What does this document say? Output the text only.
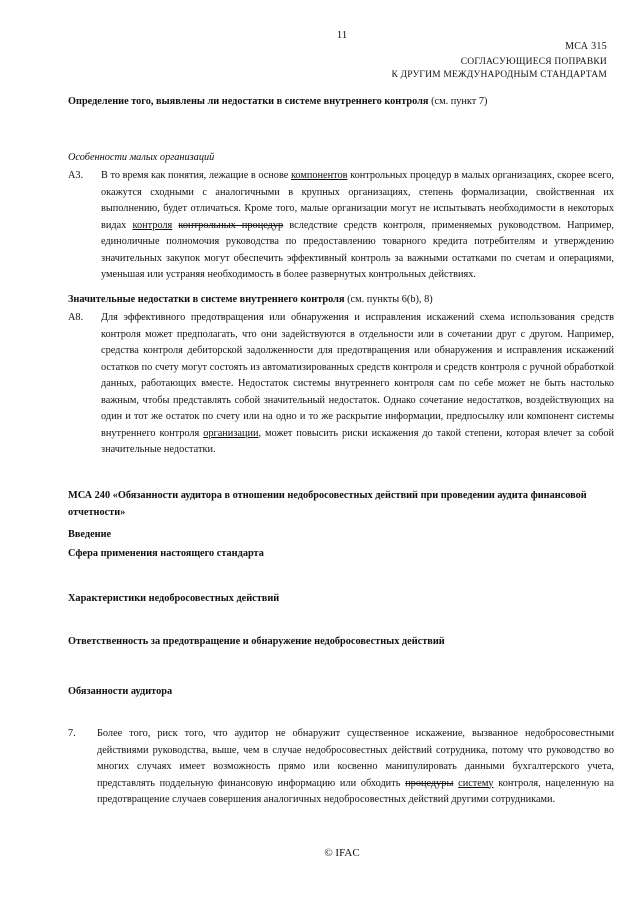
11
МСА 315
СОГЛАСУЮЩИЕСЯ ПОПРАВКИ
К ДРУГИМ МЕЖДУНАРОДНЫМ СТАНДАРТАМ
Определение того, выявлены ли недостатки в системе внутреннего контроля (см. пункт 7)
Особенности малых организаций
А3. В то время как понятия, лежащие в основе компонентов контрольных процедур в малых организациях, скорее всего, окажутся сходными с аналогичными в крупных организациях, степень формализации, свойственная их выполнению, будет отличаться. Кроме того, малые организации могут не испытывать необходимости в некоторых видах контроля контрольных процедур вследствие средств контроля, применяемых руководством. Например, единоличные полномочия руководства по предоставлению товарного кредита потребителям и утверждению значительных закупок могут обеспечить эффективный контроль за важными остатками по счетам и операциями, уменьшая или устраняя необходимость в более развернутых контрольных действиях.
Значительные недостатки в системе внутреннего контроля (см. пункты 6(b), 8)
А8. Для эффективного предотвращения или обнаружения и исправления искажений схема использования средств контроля может предполагать, что они задействуются в отдельности или в сочетании друг с другом. Например, средства контроля дебиторской задолженности для предотвращения или обнаружения и исправления искажений остатков по счету могут состоять из автоматизированных средств контроля и средств контроля с ручной обработкой данных, работающих вместе. Недостаток системы внутреннего контроля сам по себе может не быть настолько важным, чтобы представлять собой значительный недостаток. Однако сочетание недостатков, воздействующих на один и тот же остаток по счету или на одно и то же раскрытие информации, предпосылку или компонент системы внутреннего контроля организации, может повысить риски искажения до такой степени, которая влечет за собой значительные недостатки.
МСА 240 «Обязанности аудитора в отношении недобросовестных действий при проведении аудита финансовой отчетности»
Введение
Сфера применения настоящего стандарта
Характеристики недобросовестных действий
Ответственность за предотвращение и обнаружение недобросовестных действий
Обязанности аудитора
7. Более того, риск того, что аудитор не обнаружит существенное искажение, вызванное недобросовестными действиями руководства, выше, чем в случае недобросовестных действий сотрудника, потому что руководство во многих случаях имеет возможность прямо или косвенно манипулировать данными бухгалтерского учета, представлять поддельную финансовую информацию или обходить процедуры систему контроля, нацеленную на предотвращение случаев совершения аналогичных недобросовестных действий другими сотрудниками.
© IFAC
